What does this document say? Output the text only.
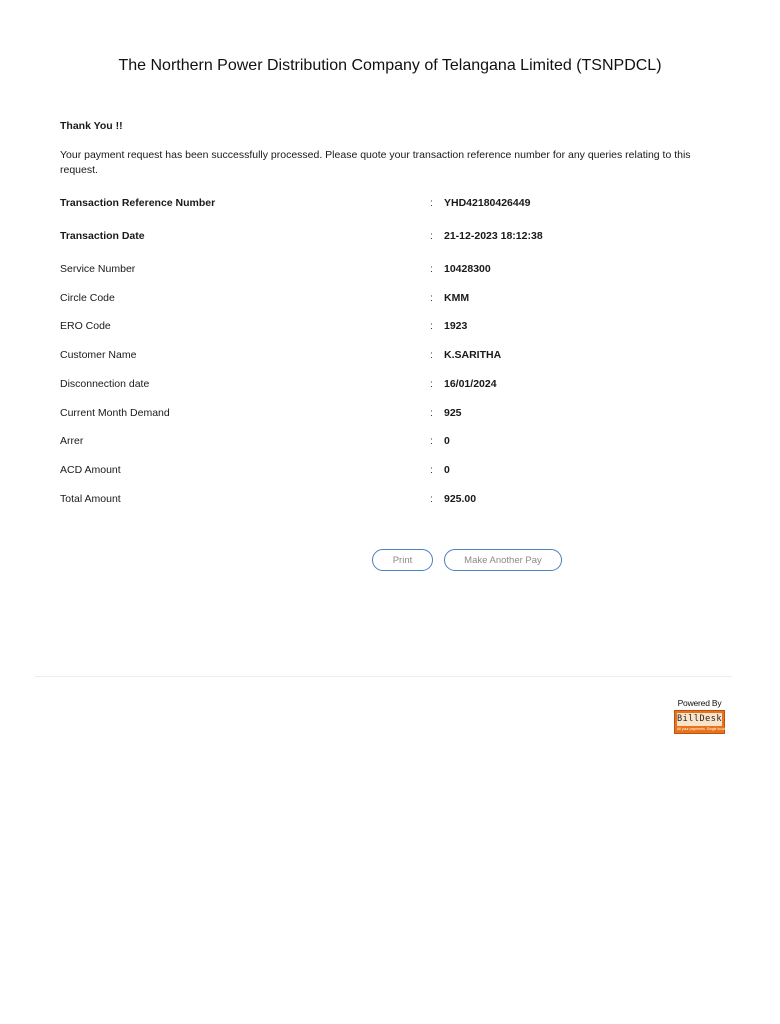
The Northern Power Distribution Company of Telangana Limited (TSNPDCL)
Thank You !!
Your payment request has been successfully processed. Please quote your transaction reference number for any queries relating to this request.
Transaction Reference Number	: YHD42180426449
Transaction Date	: 21-12-2023 18:12:38
Service Number	: 10428300
Circle Code	: KMM
ERO Code	: 1923
Customer Name	: K.SARITHA
Disconnection date	: 16/01/2024
Current Month Demand	: 925
Arrer	: 0
ACD Amount	: 0
Total Amount	: 925.00
Print	Make Another Pay
Powered By
BillDesk
All your payments. Single location
